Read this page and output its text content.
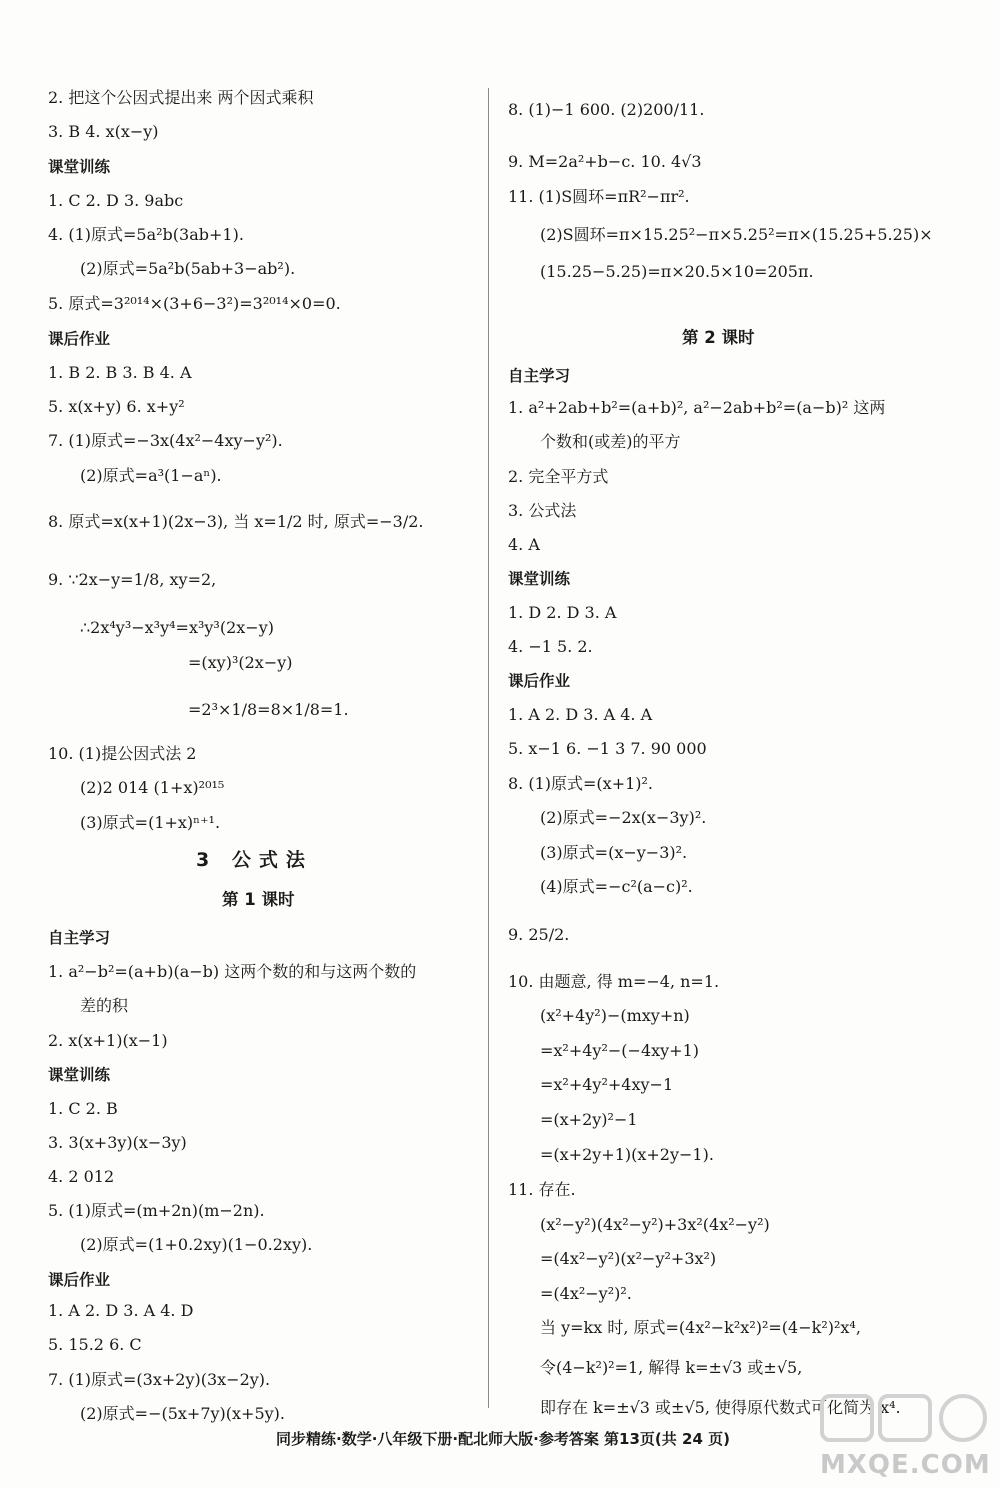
2. 把这个公因式提出来 两个因式乘积
3. B 4. x(x−y)
课堂训练
1. C 2. D 3. 9abc
4. (1)原式=5a²b(3ab+1).
(2)原式=5a²b(5ab+3−ab²).
5. 原式=3²⁰¹⁴×(3+6−3²)=3²⁰¹⁴×0=0.
课后作业
1. B 2. B 3. B 4. A
5. x(x+y) 6. x+y²
7. (1)原式=−3x(4x²−4xy−y²).
(2)原式=a³(1−aⁿ).
8. 原式=x(x+1)(2x−3), 当 x=1/2 时, 原式=−3/2.
9. ∵2x−y=1/8, xy=2,
∴2x⁴y³−x³y⁴=x³y³(2x−y)
=(xy)³(2x−y)
=2³×1/8=8×1/8=1.
10. (1)提公因式法 2
(2)2 014 (1+x)²⁰¹⁵
(3)原式=(1+x)ⁿ⁺¹.
1. a²−b²=(a+b)(a−b) 这两个数的和与这两个数的
差的积
2. x(x+1)(x−1)
课堂训练
1. C 2. B
3. 3(x+3y)(x−3y)
4. 2 012
5. (1)原式=(m+2n)(m−2n).
(2)原式=(1+0.2xy)(1−0.2xy).
课后作业
1. A 2. D 3. A 4. D
5. 15.2 6. C
7. (1)原式=(3x+2y)(3x−2y).
(2)原式=−(5x+7y)(x+5y).
3 公式法
第 1 课时
自主学习
8. (1)−1 600. (2)200/11.
9. M=2a²+b−c. 10. 4√3
11. (1)S圆环=πR²−πr².
(2)S圆环=π×15.25²−π×5.25²=π×(15.25+5.25)×
(15.25−5.25)=π×20.5×10=205π.
自主学习
1. a²+2ab+b²=(a+b)², a²−2ab+b²=(a−b)² 这两
个数和(或差)的平方
2. 完全平方式
3. 公式法
4. A
课堂训练
1. D 2. D 3. A
4. −1 5. 2.
课后作业
1. A 2. D 3. A 4. A
5. x−1 6. −1 3 7. 90 000
8. (1)原式=(x+1)².
(2)原式=−2x(x−3y)².
(3)原式=(x−y−3)².
(4)原式=−c²(a−c)².
9. 25/2.
10. 由题意, 得 m=−4, n=1.
(x²+4y²)−(mxy+n)
=x²+4y²−(−4xy+1)
=x²+4y²+4xy−1
=(x+2y)²−1
=(x+2y+1)(x+2y−1).
11. 存在.
(x²−y²)(4x²−y²)+3x²(4x²−y²)
=(4x²−y²)(x²−y²+3x²)
=(4x²−y²)².
当 y=kx 时, 原式=(4x²−k²x²)²=(4−k²)²x⁴,
令(4−k²)²=1, 解得 k=±√3 或±√5,
即存在 k=±√3 或±√5, 使得原代数式可化简为 x⁴.
第 2 课时
同步精练·数学·八年级下册·配北师大版·参考答案 第13页(共 24 页)
MXQE.COM
